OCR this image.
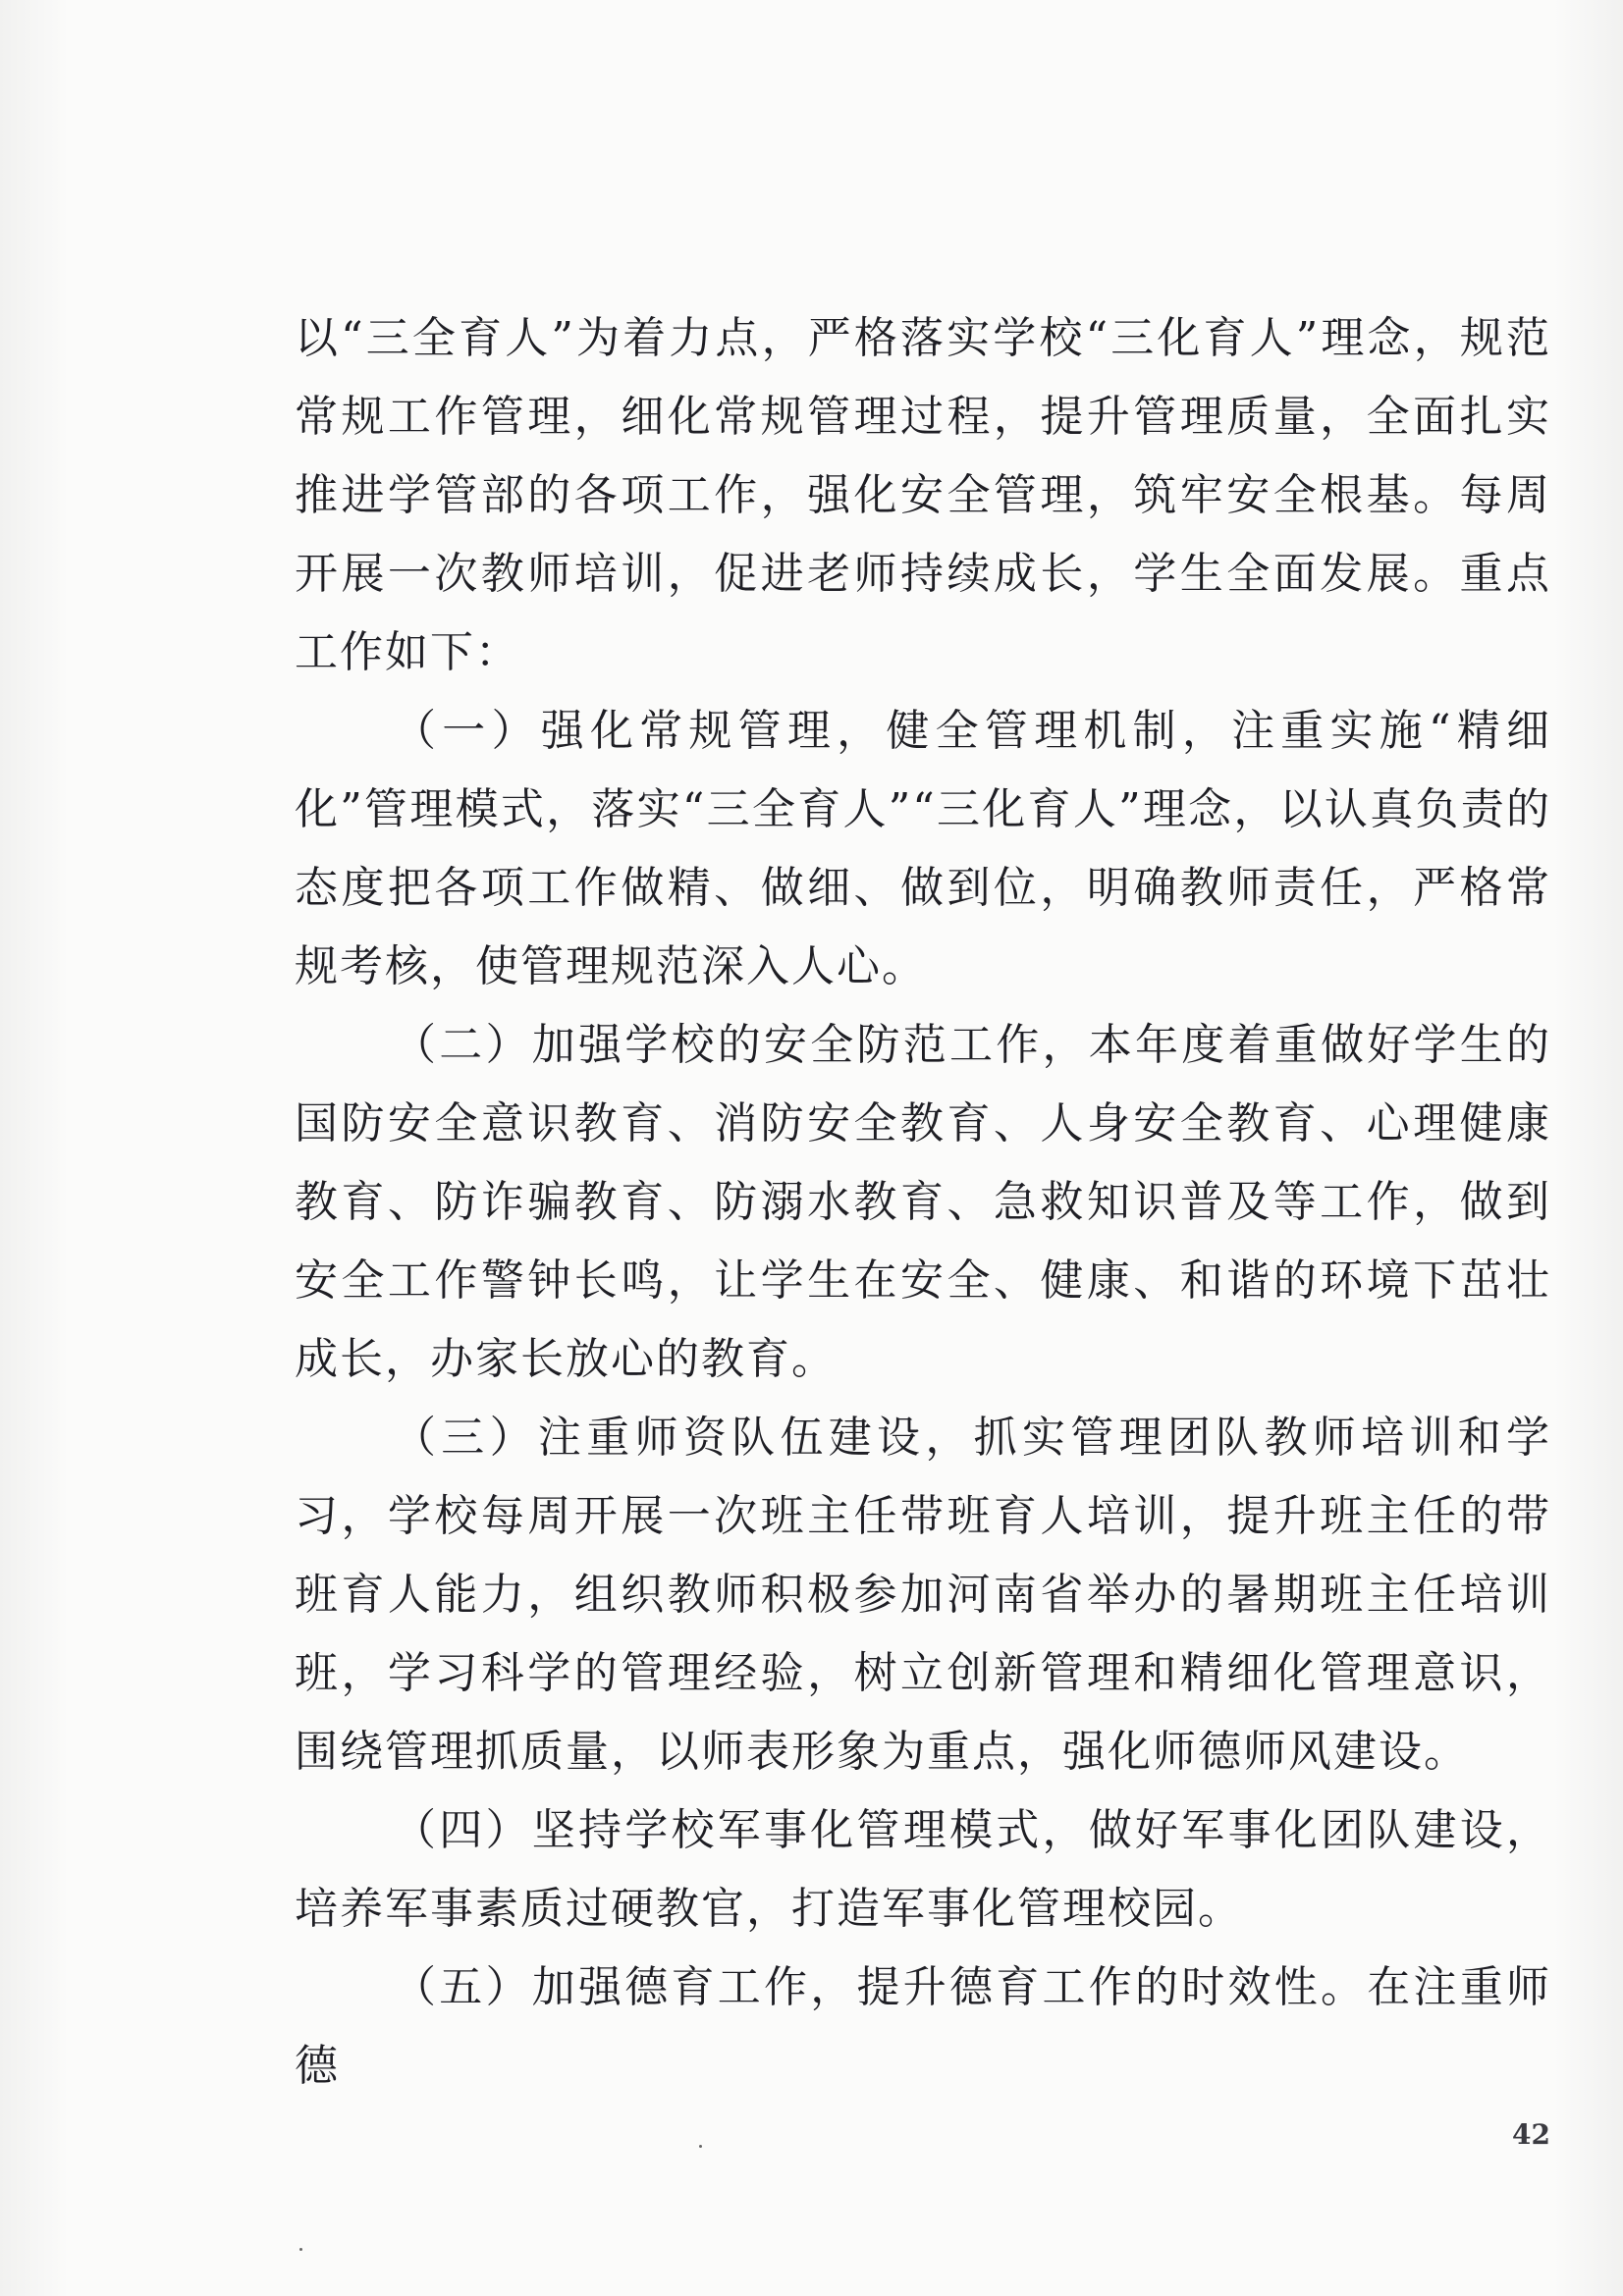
以“三全育人”为着力点，严格落实学校“三化育人”理念，规范常规工作管理，细化常规管理过程，提升管理质量，全面扎实推进学管部的各项工作，强化安全管理，筑牢安全根基。每周开展一次教师培训，促进老师持续成长，学生全面发展。重点工作如下：

（一）强化常规管理，健全管理机制，注重实施“精细化”管理模式，落实“三全育人”“三化育人”理念，以认真负责的态度把各项工作做精、做细、做到位，明确教师责任，严格常规考核，使管理规范深入人心。

（二）加强学校的安全防范工作，本年度着重做好学生的国防安全意识教育、消防安全教育、人身安全教育、心理健康教育、防诈骗教育、防溺水教育、急救知识普及等工作，做到安全工作警钟长鸣，让学生在安全、健康、和谐的环境下茁壮成长，办家长放心的教育。

（三）注重师资队伍建设，抓实管理团队教师培训和学习，学校每周开展一次班主任带班育人培训，提升班主任的带班育人能力，组织教师积极参加河南省举办的暑期班主任培训班，学习科学的管理经验，树立创新管理和精细化管理意识，围绕管理抓质量，以师表形象为重点，强化师德师风建设。

（四）坚持学校军事化管理模式，做好军事化团队建设，培养军事素质过硬教官，打造军事化管理校园。

（五）加强德育工作，提升德育工作的时效性。在注重师德

42
